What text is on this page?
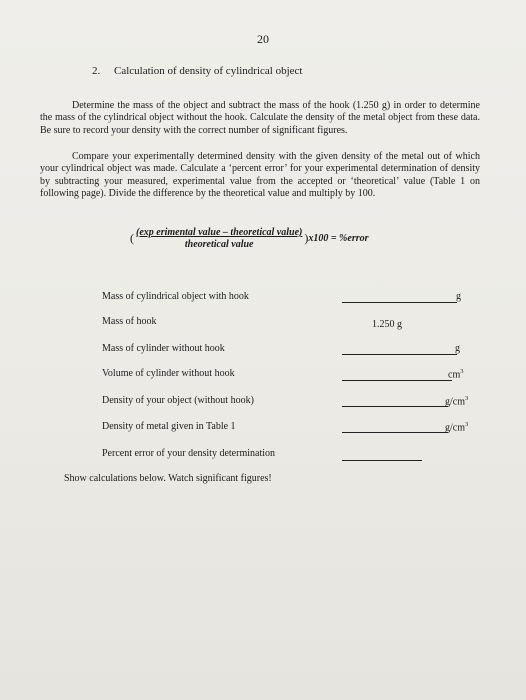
20
2. Calculation of density of cylindrical object

Determine the mass of the object and subtract the mass of the hook (1.250 g) in order to determine the mass of the cylindrical object without the hook. Calculate the density of the metal object from these data. Be sure to record your density with the correct number of significant figures.

Compare your experimentally determined density with the given density of the metal out of which your cylindrical object was made. Calculate a ‘percent error’ for your experimental determination of density by subtracting your measured, experimental value from the accepted or ‘theoretical’ value (Table 1 on following page). Divide the difference by the theoretical value and multiply by 100.

( $\frac{\text{(exp erimental value – theoretical value)}}{\text{theoretical value}} )x100$ = %error
Mass of cylindrical object with hook	g
Mass of hook	1.250 g
Mass of cylinder without hook	g
Volume of cylinder without hook	$cm^3$
Density of your object (without hook)	$g/cm^3$
Density of metal given in Table 1	$g/cm^3$
Percent error of your density determination
Show calculations below. Watch significant figures!
